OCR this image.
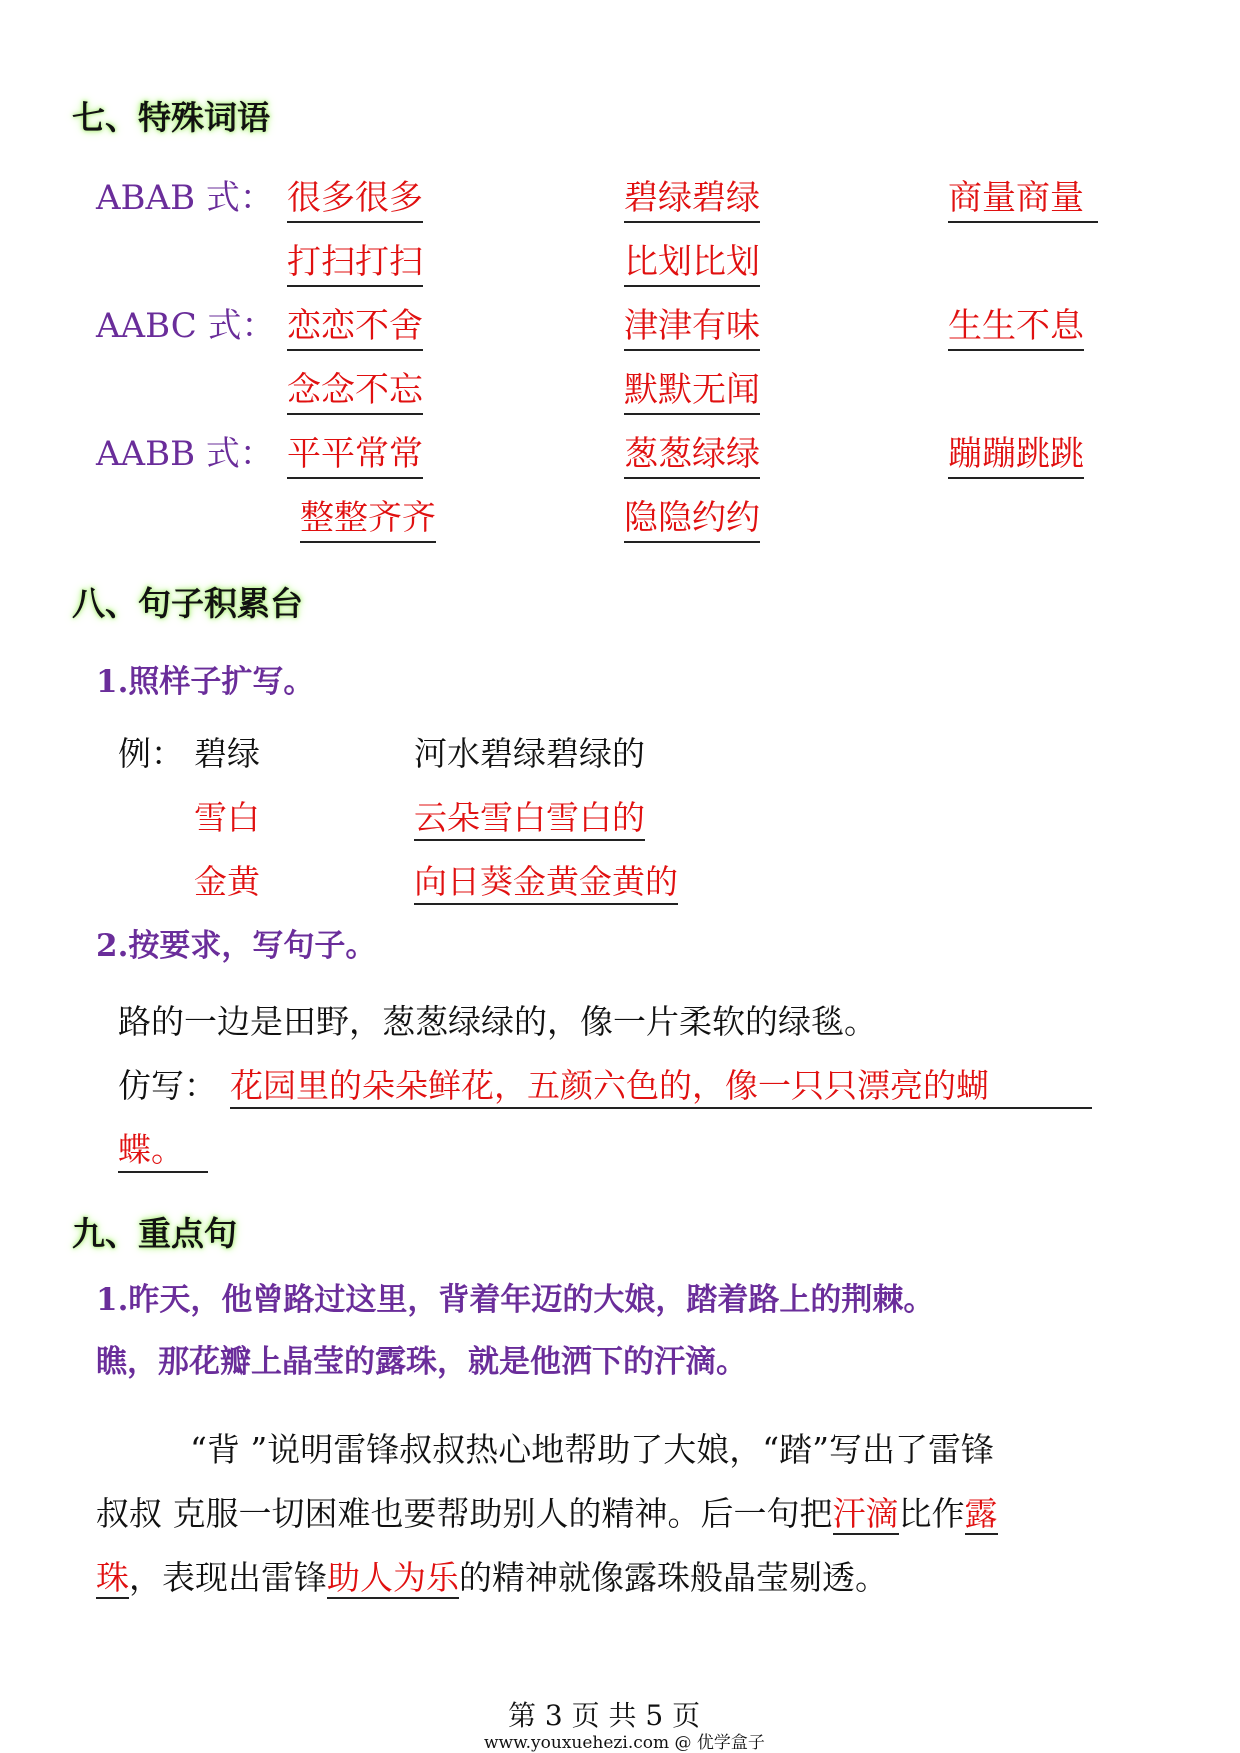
七、特殊词语
ABAB 式： 很多很多	碧绿碧绿	商量商量
打扫打扫	比划比划
AABC 式： 恋恋不舍	津津有味	生生不息
念念不忘	默默无闻
AABB 式： 平平常常	葱葱绿绿	蹦蹦跳跳
整整齐齐	隐隐约约
八、句子积累台
1.照样子扩写。
例： 碧绿	河水碧绿碧绿的
雪白	云朵雪白雪白的
金黄	向日葵金黄金黄的
2.按要求，写句子。
路的一边是田野，葱葱绿绿的，像一片柔软的绿毯。
仿写： 花园里的朵朵鲜花，五颜六色的，像一只只漂亮的蝴
蝶。
九、重点句
1.昨天，他曾路过这里，背着年迈的大娘，踏着路上的荆棘。
瞧，那花瓣上晶莹的露珠，就是他洒下的汗滴。
“背 ”说明雷锋叔叔热心地帮助了大娘，“踏”写出了雷锋
叔叔 克服一切困难也要帮助别人的精神。后一句把汗滴比作露
珠，表现出雷锋助人为乐的精神就像露珠般晶莹剔透。
第 3 页 共 5 页
www.youxuehezi.com @ 优学盒子
